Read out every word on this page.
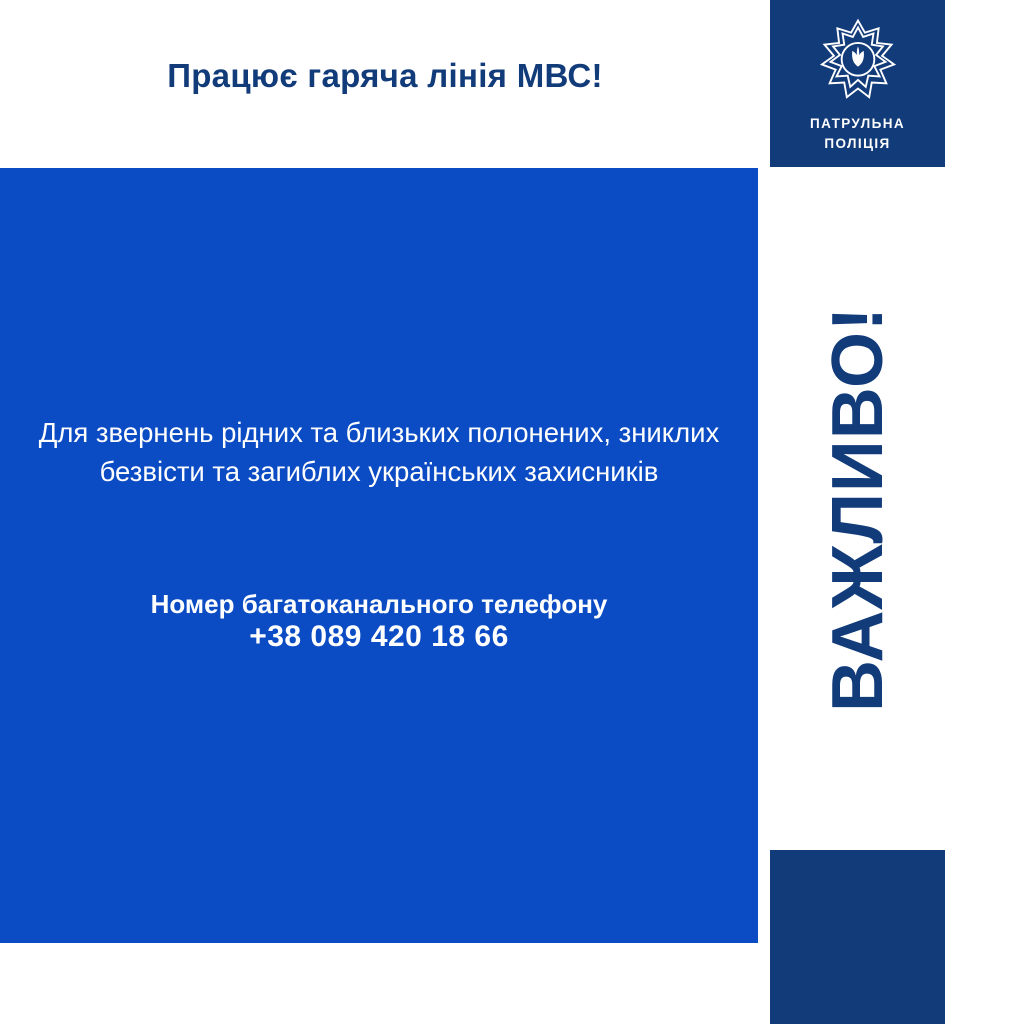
Працює гаряча лінія МВС!
Для звернень рідних та близьких полонених, зниклих безвісти та загиблих українських захисників
Номер багатоканального телефону
+38 089 420 18 66
ПАТРУЛЬНА
ПОЛІЦІЯ
ВАЖЛИВО!
